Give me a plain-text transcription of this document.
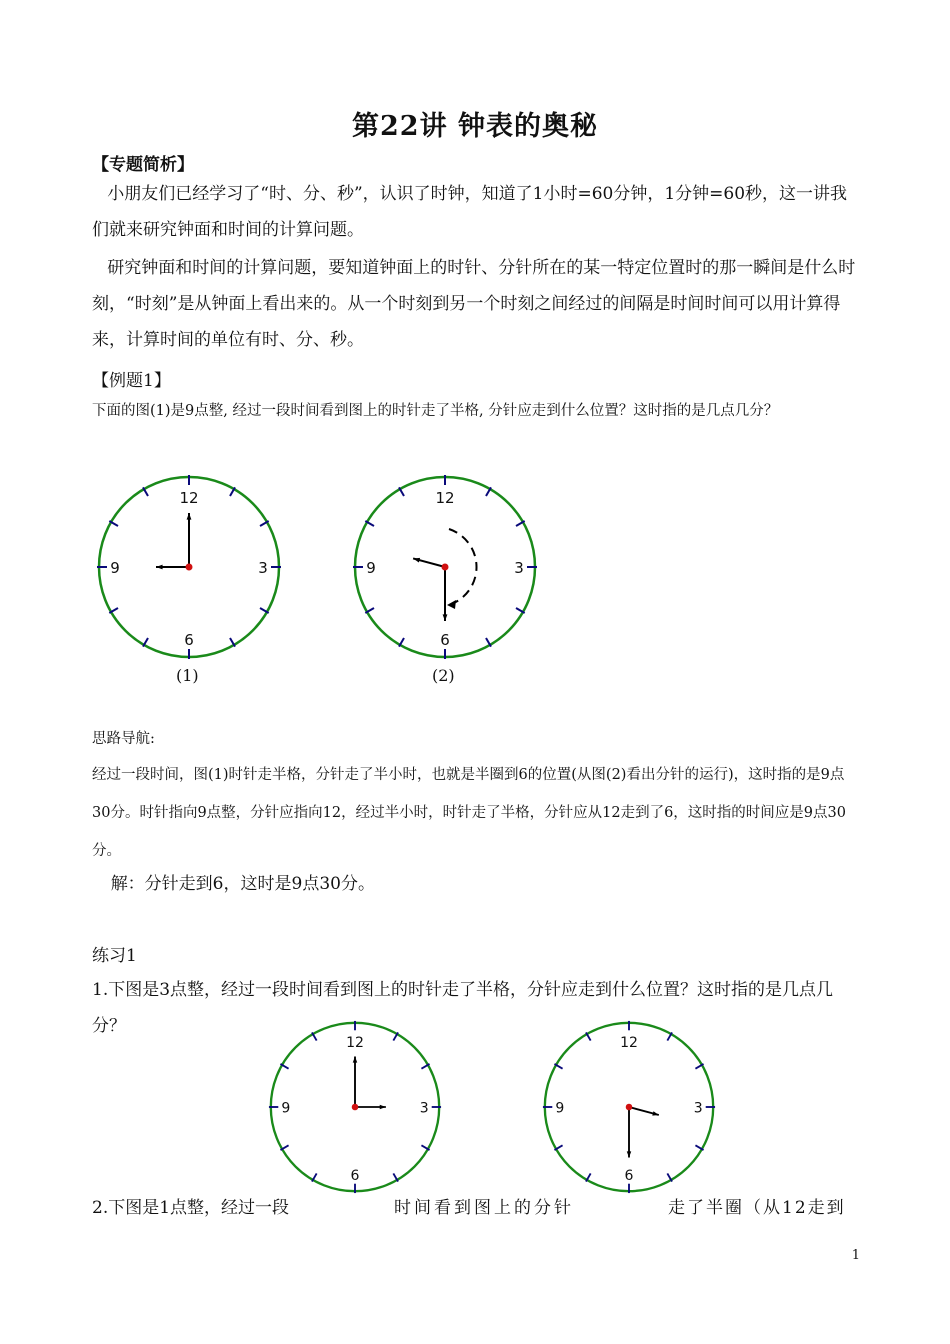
第22讲 钟表的奥秘
【专题简析】
小朋友们已经学习了“时、分、秒”，认识了时钟，知道了1小时=60分钟，1分钟=60秒，这一讲我们就来研究钟面和时间的计算问题。
研究钟面和时间的计算问题，要知道钟面上的时针、分针所在的某一特定位置时的那一瞬间是什么时刻，“时刻”是从钟面上看出来的。从一个时刻到另一个时刻之间经过的间隔是时间时间可以用计算得来，计算时间的单位有时、分、秒。
【例题1】
下面的图(1)是9点整, 经过一段时间看到图上的时针走了半格, 分针应走到什么位置？这时指的是几点几分？
12
3
6
9
12
3
6
9
(1)	(2)
思路导航:
经过一段时间，图(1)时针走半格，分针走了半小时，也就是半圈到6的位置(从图(2)看出分针的运行)，这时指的是9点30分。时针指向9点整，分针应指向12，经过半小时，时针走了半格，分针应从12走到了6，这时指的时间应是9点30分。
解：分针走到6，这时是9点30分。
练习1
1.下图是3点整，经过一段时间看到图上的时针走了半格，分针应走到什么位置？这时指的是几点几分？
12
3
6
9
12
3
6
9
2.下图是1点整，经过一段	时间看到图上的分针	走了半圈（从12走到
1
